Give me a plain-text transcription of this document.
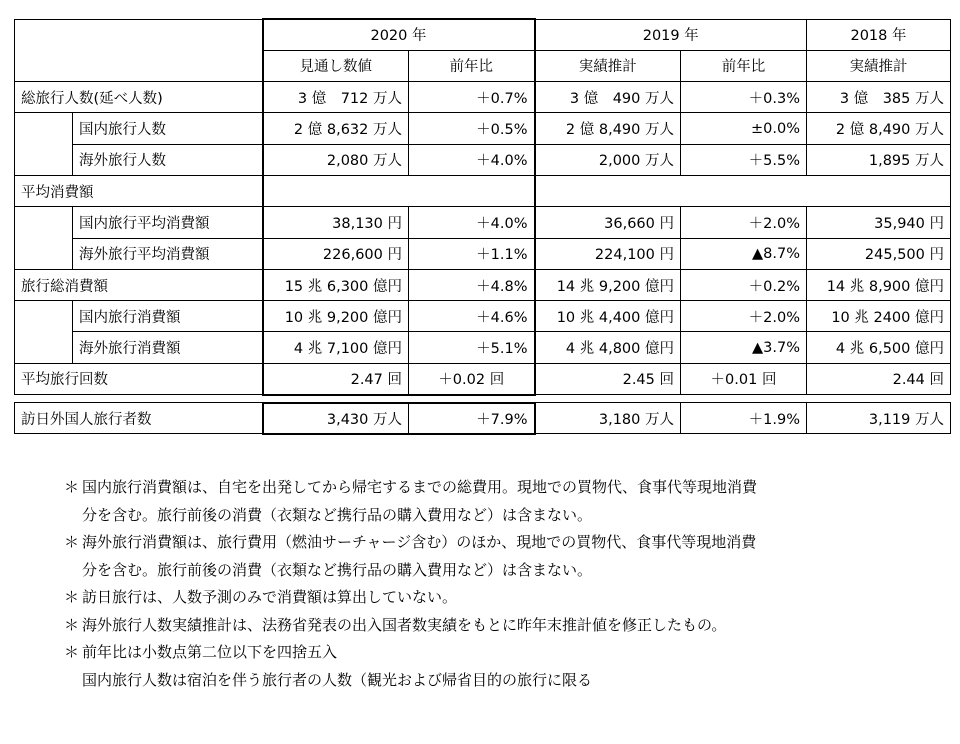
		2020 年		2019 年		2018 年
		見通し数値	前年比	実績推計	前年比	実績推計
総旅行人数(延べ人数)		3 億　712 万人	＋0.7%	3 億　490 万人	＋0.3%	3 億　385 万人
	国内旅行人数	2 億 8,632 万人	＋0.5%	2 億 8,490 万人	±0.0%	2 億 8,490 万人
	海外旅行人数	2,080 万人	＋4.0%	2,000 万人	＋5.5%	1,895 万人
平均消費額						
	国内旅行平均消費額	38,130 円	＋4.0%	36,660 円	＋2.0%	35,940 円
	海外旅行平均消費額	226,600 円	＋1.1%	224,100 円	▲8.7%	245,500 円
旅行総消費額		15 兆 6,300 億円	＋4.8%	14 兆 9,200 億円	＋0.2%	14 兆 8,900 億円
	国内旅行消費額	10 兆 9,200 億円	＋4.6%	10 兆 4,400 億円	＋2.0%	10 兆 2400 億円
	海外旅行消費額	4 兆 7,100 億円	＋5.1%	4 兆 4,800 億円	▲3.7%	4 兆 6,500 億円
平均旅行回数		2.47 回	＋0.02 回	2.45 回	＋0.01 回	2.44 回

訪日外国人旅行者数		3,430 万人	＋7.9%	3,180 万人	＋1.9%	3,119 万人
＊ 国内旅行消費額は、自宅を出発してから帰宅するまでの総費用。現地での買物代、食事代等現地消費
分を含む。旅行前後の消費（衣類など携行品の購入費用など）は含まない。
＊ 海外旅行消費額は、旅行費用（燃油サーチャージ含む）のほか、現地での買物代、食事代等現地消費
分を含む。旅行前後の消費（衣類など携行品の購入費用など）は含まない。
＊ 訪日旅行は、人数予測のみで消費額は算出していない。
＊ 海外旅行人数実績推計は、法務省発表の出入国者数実績をもとに昨年末推計値を修正したもの。
＊ 前年比は小数点第二位以下を四捨五入
国内旅行人数は宿泊を伴う旅行者の人数（観光および帰省目的の旅行に限る
